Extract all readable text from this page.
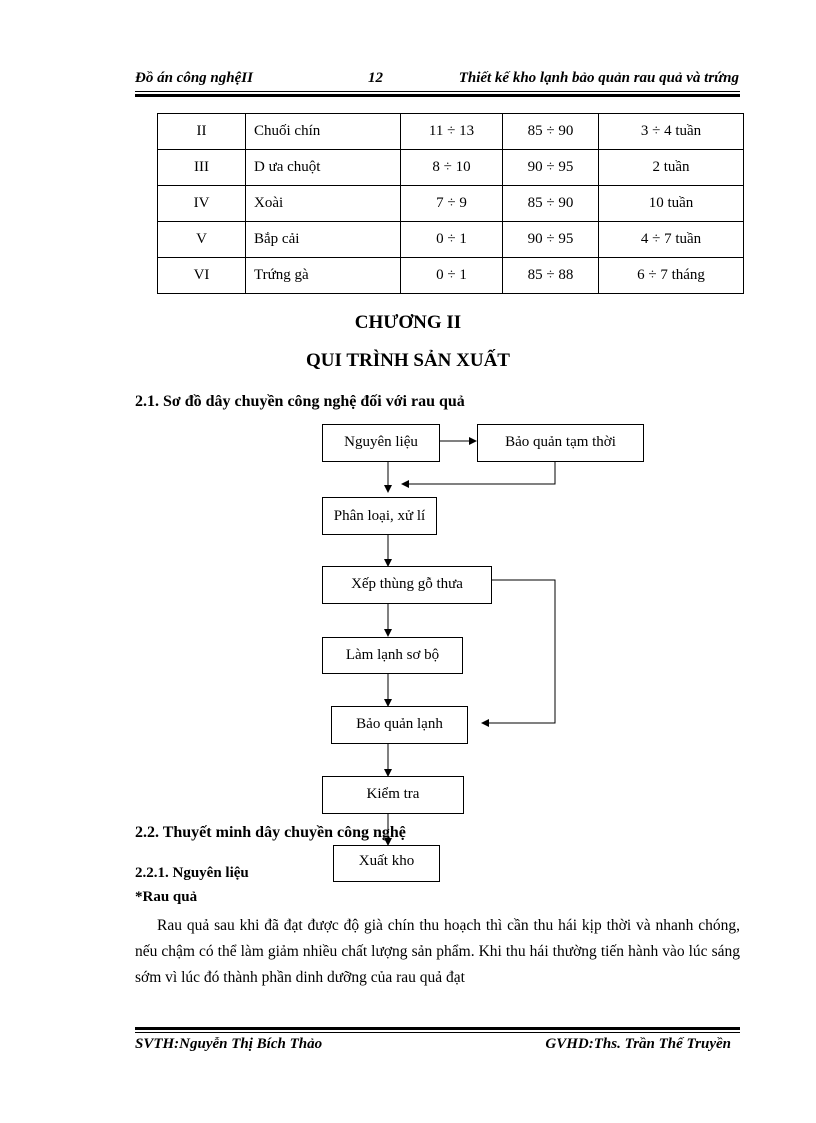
Đồ án công nghệII	12	Thiết kế kho lạnh bảo quản rau quả và trứng
II	Chuối chín	11 ÷ 13	85 ÷ 90	3 ÷ 4 tuần
III	D ưa chuột	8 ÷ 10	90 ÷ 95	2 tuần
IV	Xoài	7 ÷ 9	85 ÷ 90	10 tuần
V	Bắp cải	0 ÷ 1	90 ÷ 95	4 ÷ 7 tuần
VI	Trứng gà	0 ÷ 1	85 ÷ 88	6 ÷ 7 tháng
CHƯƠNG II
QUI TRÌNH SẢN XUẤT
2.1. Sơ đồ dây chuyền công nghệ đối với rau quả
Nguyên liệu	Bảo quản tạm thời
Phân loại, xử lí
Xếp thùng gỗ thưa
Làm lạnh sơ bộ
Bảo quản lạnh
Kiểm tra
2.2. Thuyết minh dây chuyền công nghệ
Xuất kho
2.2.1. Nguyên liệu
*Rau quả

Rau quả sau khi đã đạt được độ già chín thu hoạch thì cần thu hái kịp thời và nhanh chóng, nếu chậm có thể làm giảm nhiều chất lượng sản phẩm. Khi thu hái thường tiến hành vào lúc sáng sớm vì lúc đó thành phần dinh dưỡng của rau quả đạt

SVTH:Nguyễn Thị Bích Thảo	GVHD:Ths. Trần Thế Truyền
